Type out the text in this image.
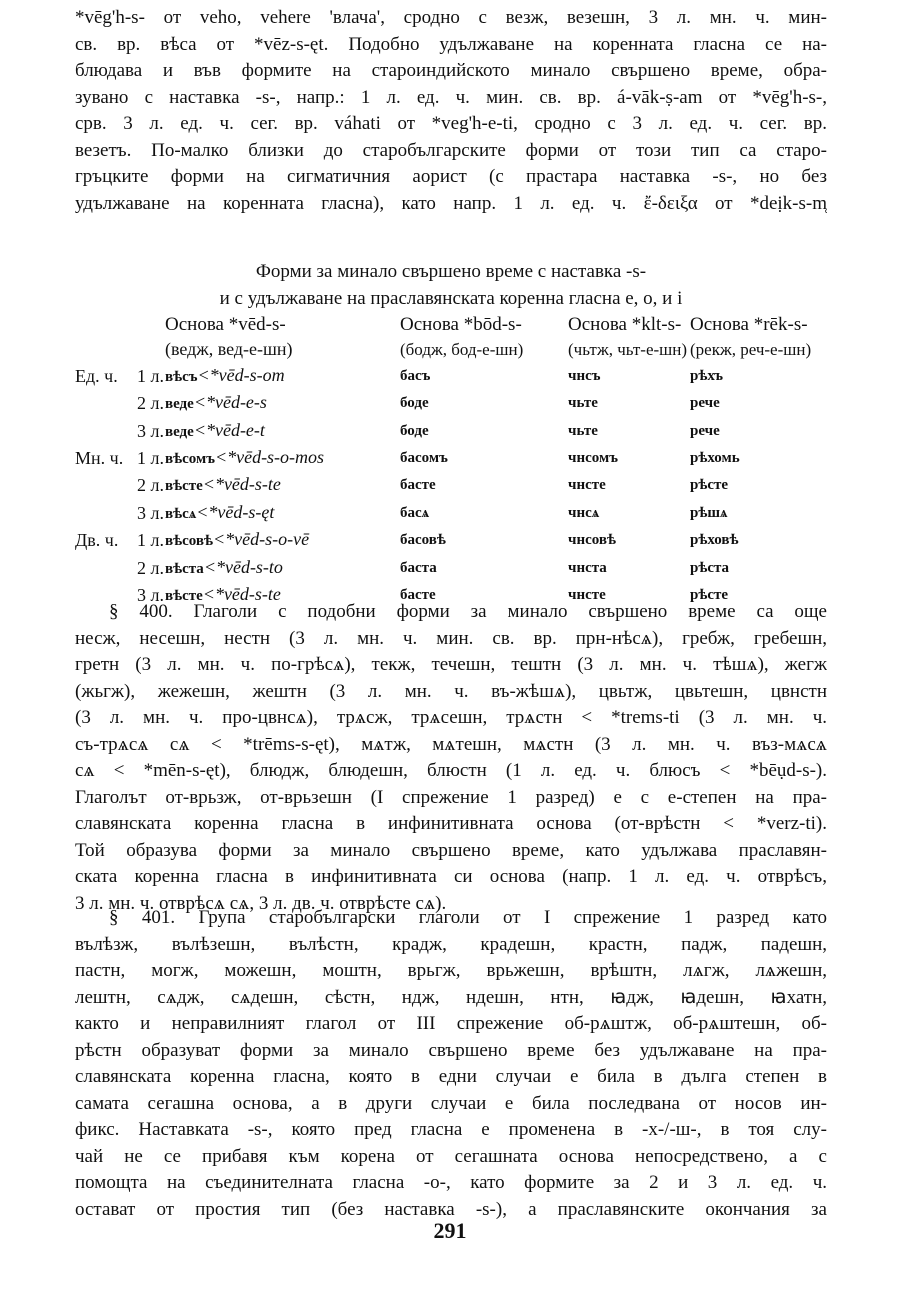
*vēg'h-s- от veho, vehere 'влача', сродно с везж, везешн, 3 л. мн. ч. мин-
св. вр. вѣса от *vēz-s-ęt. Подобно удължаване на коренната гласна се на-
блюдава и във формите на староиндийското минало свършено време, обра-
зувано с наставка -s-, напр.: 1 л. ед. ч. мин. св. вр. á-vāk-ṣ-am от *vēg'h-s-,
срв. 3 л. ед. ч. сег. вр. váhati от *veg'h-e-ti, сродно с 3 л. ед. ч. сег. вр.
везетъ. По-малко близки до старобългарските форми от този тип са старо-
гръцките форми на сигматичния аорист (с прастара наставка -s-, но без
удължаване на коренната гласна), като напр. 1 л. ед. ч. ἔ-δειξα от *deịk-s-m̥
Форми за минало свършено време с наставка -s-
и с удължаване на праславянската коренна гласна e, o, и i
		Основа *vēd-s-	Основа *bōd-s-	Основа *klt-s-	Основа *rēk-s-
		(ведж, вед-е-шн)	(бодж, бод-е-шн)	(чьтж, чьт-е-шн)	(рекж, реч-е-шн)
Ед. ч.	1 л.	вѣсъ<*vēd-s-om	басъ	чнсъ	рѣхъ
	2 л.	веде<*vēd-e-s	боде	чьте	рече
	3 л.	веде<*vēd-e-t	боде	чьте	рече
Мн. ч.	1 л.	вѣсомъ<*vēd-s-o-mos	басомъ	чнсомъ	рѣхомь
	2 л.	вѣсте<*vēd-s-te	басте	чнсте	рѣсте
	3 л.	вѣсѧ<*vēd-s-ęt	басѧ	чнсѧ	рѣшѧ
Дв. ч.	1 л.	вѣсовѣ<*vēd-s-o-vē	басовѣ	чнсовѣ	рѣховѣ
	2 л.	вѣста<*vēd-s-to	баста	чнста	рѣста
	3 л.	вѣсте<*vēd-s-te	басте	чнсте	рѣсте
§ 400. Глаголи с подобни форми за минало свършено време са още
несж, несешн, нестн (3 л. мн. ч. мин. св. вр. прн-нѣсѧ), гребж, гребешн,
гретн (3 л. мн. ч. по-грѣсѧ), текж, течешн, тештн (3 л. мн. ч. тѣшѧ), жегж
(жьгж), жежешн, жештн (3 л. мн. ч. въ-жѣшѧ), цвьтж, цвьтешн, цвнстн
(3 л. мн. ч. про-цвнсѧ), трѧсж, трѧсешн, трѧстн < *trems-ti (3 л. мн. ч.
съ-трѧсѧ сѧ < *trēms-s-ęt), мѧтж, мѧтешн, мѧстн (3 л. мн. ч. въз-мѧсѧ
сѧ < *mēn-s-ęt), блюдж, блюдешн, блюстн (1 л. ед. ч. блюсъ < *bēụd-s-).
Глаголът от-врьзж, от-врьзешн (I спрежение 1 разред) е с e-степен на пра-
славянската коренна гласна в инфинитивната основа (от-врѣстн < *verz-ti).
Той образува форми за минало свършено време, като удължава праславян-
ската коренна гласна в инфинитивната си основа (напр. 1 л. ед. ч. отврѣсъ,
3 л. мн. ч. отврѣсѧ сѧ, 3 л. дв. ч. отврѣсте сѧ).
§ 401. Група старобългарски глаголи от I спрежение 1 разред като
вълѣзж, вълѣзешн, вълѣстн, крадж, крадешн, крастн, падж, падешн,
пастн, могж, можешн, моштн, врьгж, врьжешн, врѣштн, лѧгж, лѧжешн,
лештн, сѧдж, сѧдешн, сѣстн, ндж, ндешн, нтн, ꙗдж, ꙗдешн, ꙗхатн,
както и неправилният глагол от III спрежение об-рѧштж, об-рѧштешн, об-
рѣстн образуват форми за минало свършено време без удължаване на пра-
славянската коренна гласна, която в едни случаи е била в дълга степен в
самата сегашна основа, а в други случаи е била последвана от носов ин-
фикс. Наставката -s-, която пред гласна е променена в -х-/-ш-, в тоя слу-
чай не се прибавя към корена от сегашната основа непосредствено, а с
помощта на съединителната гласна -о-, като формите за 2 и 3 л. ед. ч.
остават от простия тип (без наставка -s-), а праславянските окончания за
291
